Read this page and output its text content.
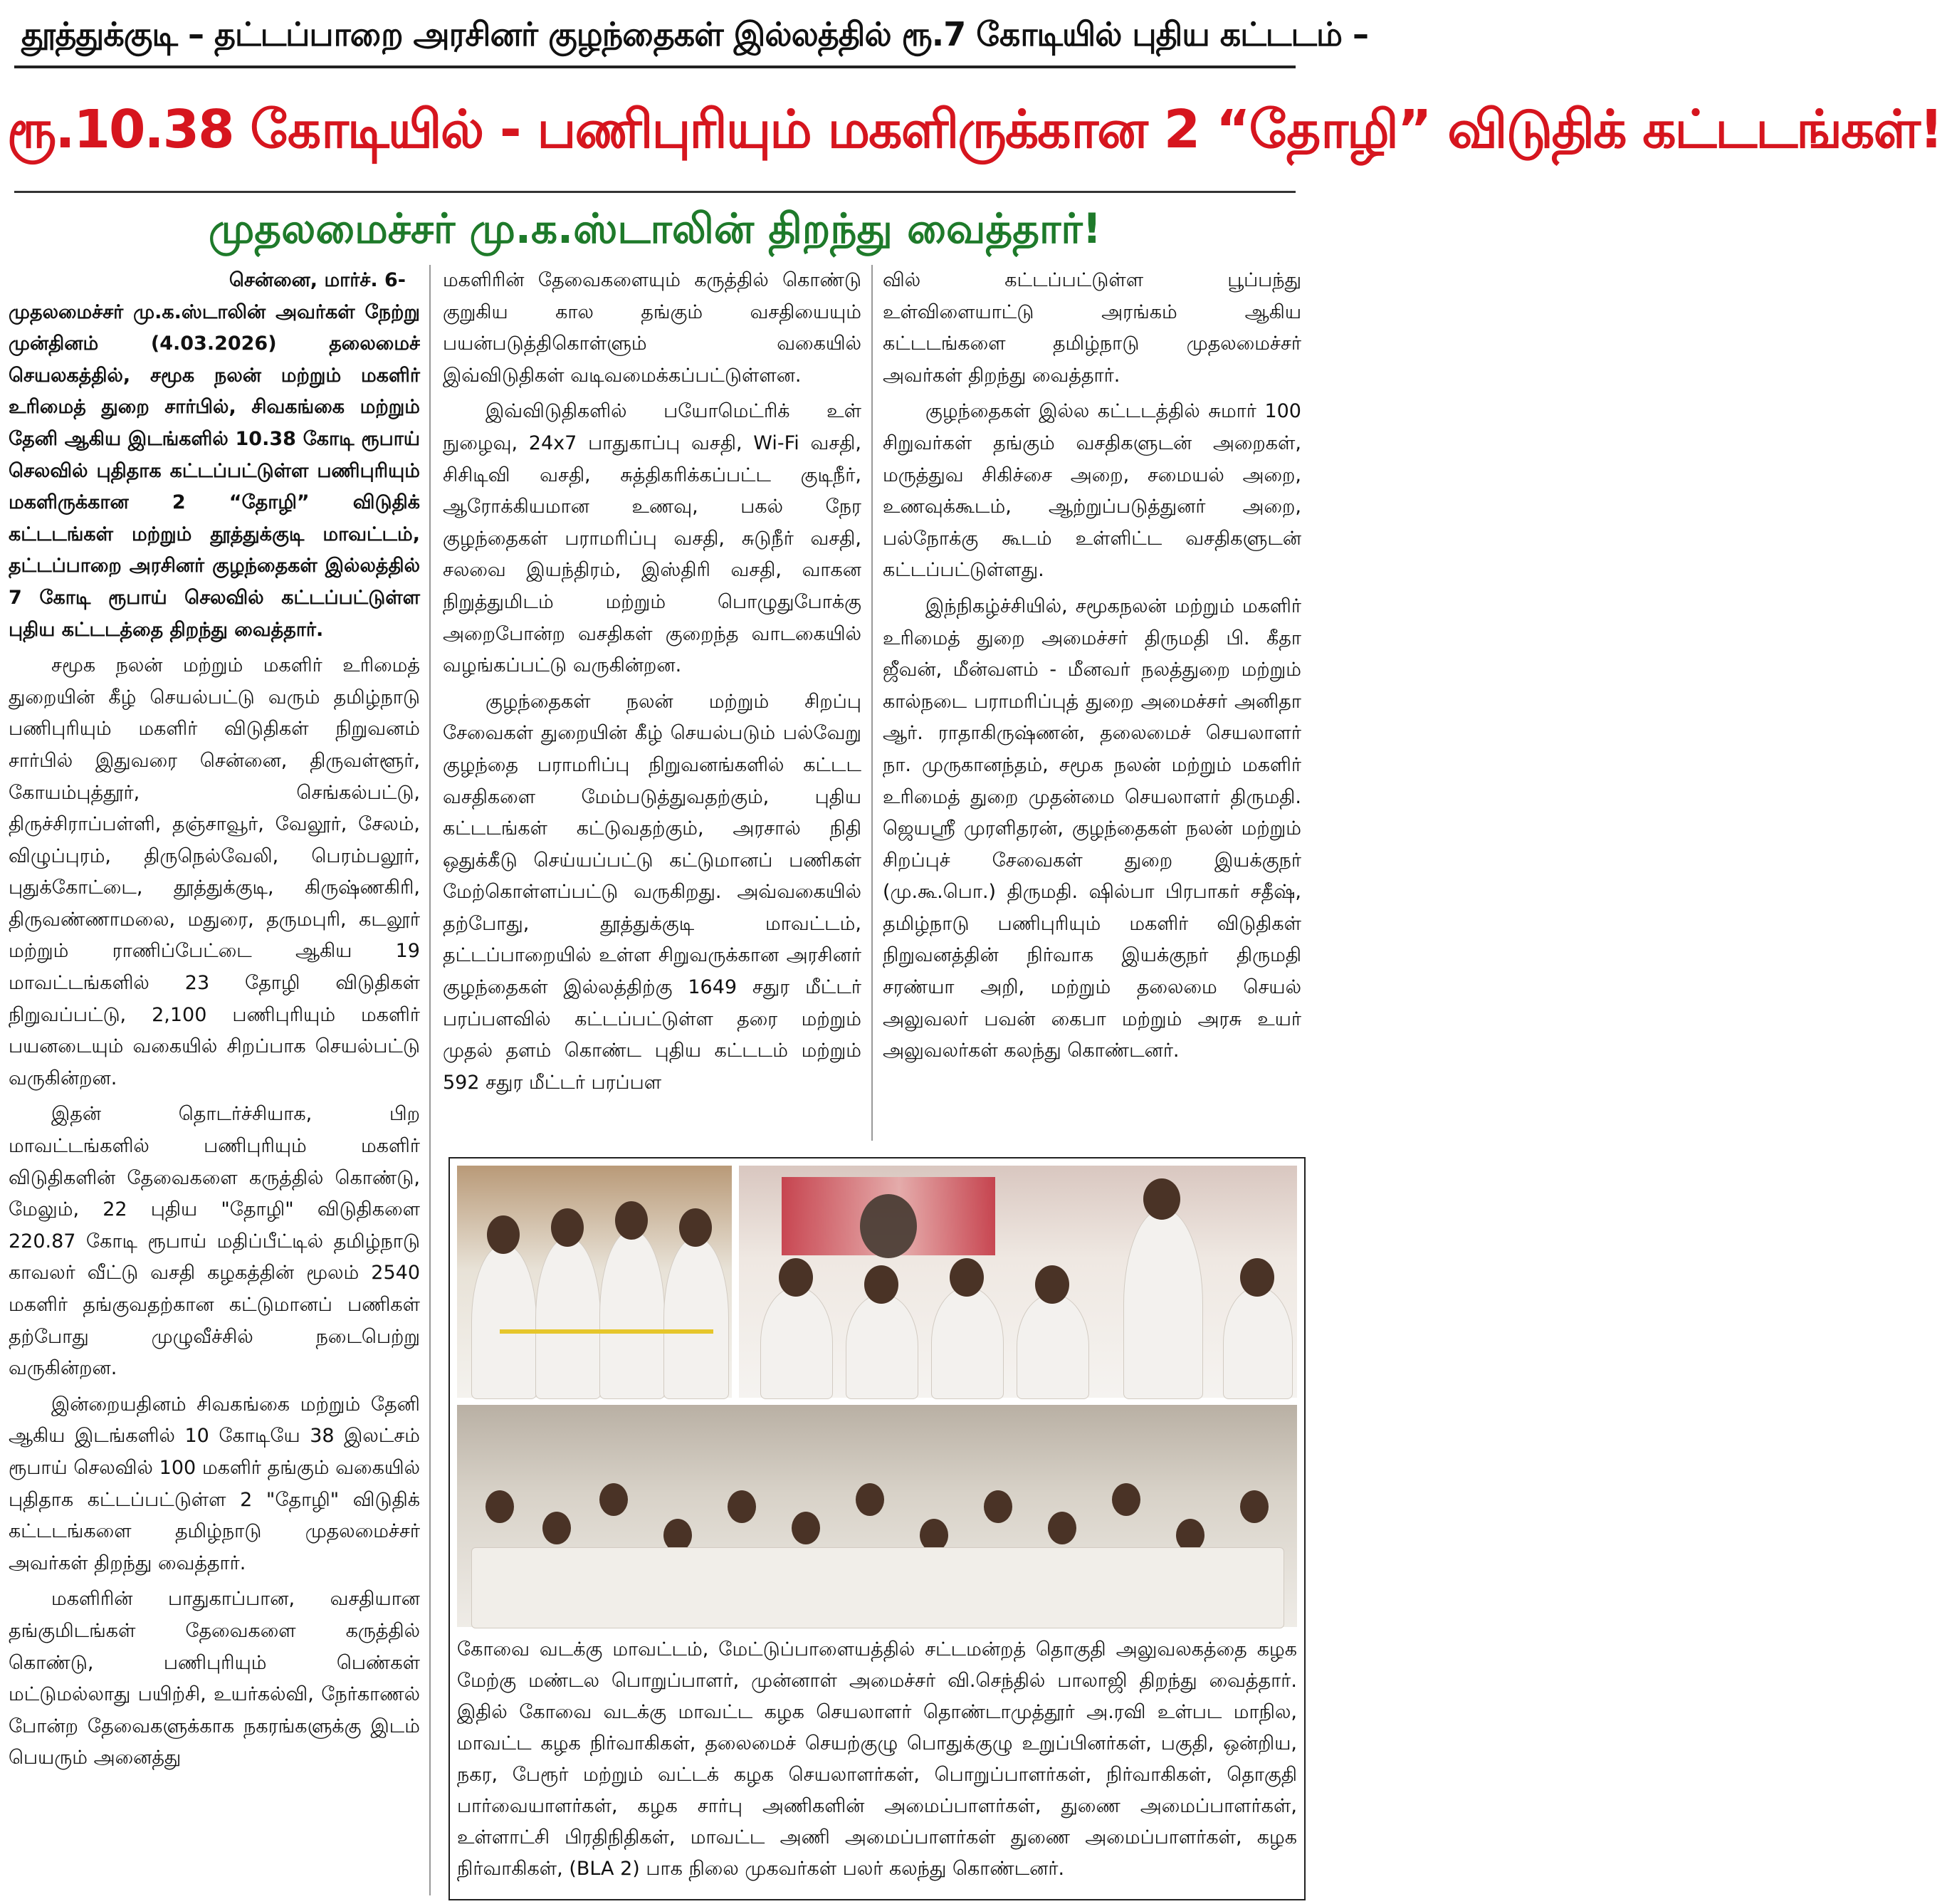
தூத்துக்குடி – தட்டப்பாறை அரசினர் குழந்தைகள் இல்லத்தில் ரூ.7 கோடியில் புதிய கட்டடம் –
ரூ.10.38 கோடியில் - பணிபுரியும் மகளிருக்கான 2 “தோழி” விடுதிக் கட்டடங்கள்!
முதலமைச்சர் மு.க.ஸ்டாலின் திறந்து வைத்தார்!
சென்னை, மார்ச். 6-

முதலமைச்சர் மு.க.ஸ்டாலின் அவர்கள் நேற்று முன்தினம் (4.03.2026) தலைமைச் செயலகத்தில், சமூக நலன் மற்றும் மகளிர் உரிமைத் துறை சார்பில், சிவகங்கை மற்றும் தேனி ஆகிய இடங்களில் 10.38 கோடி ரூபாய் செலவில் புதிதாக கட்டப்பட்டுள்ள பணிபுரியும் மகளிருக்கான 2 “தோழி” விடுதிக் கட்டடங்கள் மற்றும் தூத்துக்குடி மாவட்டம், தட்டப்பாறை அரசினர் குழந்தைகள் இல்லத்தில் 7 கோடி ரூபாய் செலவில் கட்டப்பட்டுள்ள புதிய கட்டடத்தை திறந்து வைத்தார்.

சமூக நலன் மற்றும் மகளிர் உரிமைத் துறையின் கீழ் செயல்பட்டு வரும் தமிழ்நாடு பணிபுரியும் மகளிர் விடுதிகள் நிறுவனம் சார்பில் இதுவரை சென்னை, திருவள்ளூர், கோயம்புத்தூர், செங்கல்பட்டு, திருச்சிராப்பள்ளி, தஞ்சாவூர், வேலூர், சேலம், விழுப்புரம், திருநெல்வேலி, பெரம்பலூர், புதுக்கோட்டை, தூத்துக்குடி, கிருஷ்ணகிரி, திருவண்ணாமலை, மதுரை, தருமபுரி, கடலூர் மற்றும் ராணிப்பேட்டை ஆகிய 19 மாவட்டங்களில் 23 தோழி விடுதிகள் நிறுவப்பட்டு, 2,100 பணிபுரியும் மகளிர் பயனடையும் வகையில் சிறப்பாக செயல்பட்டு வருகின்றன.

இதன் தொடர்ச்சியாக, பிற மாவட்டங்களில் பணிபுரியும் மகளிர் விடுதிகளின் தேவைகளை கருத்தில் கொண்டு, மேலும், 22 புதிய "தோழி" விடுதிகளை 220.87 கோடி ரூபாய் மதிப்பீட்டில் தமிழ்நாடு காவலர் வீட்டு வசதி கழகத்தின் மூலம் 2540 மகளிர் தங்குவதற்கான கட்டுமானப் பணிகள் தற்போது முழுவீச்சில் நடைபெற்று வருகின்றன.

இன்றையதினம் சிவகங்கை மற்றும் தேனி ஆகிய இடங்களில் 10 கோடியே 38 இலட்சம் ரூபாய் செலவில் 100 மகளிர் தங்கும் வகையில் புதிதாக கட்டப்பட்டுள்ள 2 "தோழி" விடுதிக் கட்டடங்களை தமிழ்நாடு முதலமைச்சர் அவர்கள் திறந்து வைத்தார்.

மகளிரின் பாதுகாப்பான, வசதியான தங்குமிடங்கள் தேவைகளை கருத்தில் கொண்டு, பணிபுரியும் பெண்கள் மட்டுமல்லாது பயிற்சி, உயர்கல்வி, நேர்காணல் போன்ற தேவைகளுக்காக நகரங்களுக்கு இடம் பெயரும் அனைத்து

மகளிரின் தேவைகளையும் கருத்தில் கொண்டு குறுகிய கால தங்கும் வசதியையும் பயன்படுத்திகொள்ளும் வகையில் இவ்விடுதிகள் வடிவமைக்கப்பட்டுள்ளன.

இவ்விடுதிகளில் பயோமெட்ரிக் உள் நுழைவு, 24x7 பாதுகாப்பு வசதி, Wi-Fi வசதி, சிசிடிவி வசதி, சுத்திகரிக்கப்பட்ட குடிநீர், ஆரோக்கியமான உணவு, பகல் நேர குழந்தைகள் பராமரிப்பு வசதி, சுடுநீர் வசதி, சலவை இயந்திரம், இஸ்திரி வசதி, வாகன நிறுத்துமிடம் மற்றும் பொழுதுபோக்கு அறைபோன்ற வசதிகள் குறைந்த வாடகையில் வழங்கப்பட்டு வருகின்றன.

குழந்தைகள் நலன் மற்றும் சிறப்பு சேவைகள் துறையின் கீழ் செயல்படும் பல்வேறு குழந்தை பராமரிப்பு நிறுவனங்களில் கட்டட வசதிகளை மேம்படுத்துவதற்கும், புதிய கட்டடங்கள் கட்டுவதற்கும், அரசால் நிதி ஒதுக்கீடு செய்யப்பட்டு கட்டுமானப் பணிகள் மேற்கொள்ளப்பட்டு வருகிறது. அவ்வகையில் தற்போது, தூத்துக்குடி மாவட்டம், தட்டப்பாறையில் உள்ள சிறுவருக்கான அரசினர் குழந்தைகள் இல்லத்திற்கு 1649 சதுர மீட்டர் பரப்பளவில் கட்டப்பட்டுள்ள தரை மற்றும் முதல் தளம் கொண்ட புதிய கட்டடம் மற்றும் 592 சதுர மீட்டர் பரப்பள

வில் கட்டப்பட்டுள்ள பூப்பந்து உள்விளையாட்டு அரங்கம் ஆகிய கட்டடங்களை தமிழ்நாடு முதலமைச்சர் அவர்கள் திறந்து வைத்தார்.

குழந்தைகள் இல்ல கட்டடத்தில் சுமார் 100 சிறுவர்கள் தங்கும் வசதிகளுடன் அறைகள், மருத்துவ சிகிச்சை அறை, சமையல் அறை, உணவுக்கூடம், ஆற்றுப்படுத்துனர் அறை, பல்நோக்கு கூடம் உள்ளிட்ட வசதிகளுடன் கட்டப்பட்டுள்ளது.

இந்நிகழ்ச்சியில், சமூகநலன் மற்றும் மகளிர் உரிமைத் துறை அமைச்சர் திருமதி பி. கீதா ஜீவன், மீன்வளம் - மீனவர் நலத்துறை மற்றும் கால்நடை பராமரிப்புத் துறை அமைச்சர் அனிதா ஆர். ராதாகிருஷ்ணன், தலைமைச் செயலாளர் நா. முருகானந்தம், சமூக நலன் மற்றும் மகளிர் உரிமைத் துறை முதன்மை செயலாளர் திருமதி. ஜெயஸ்ரீ முரளிதரன், குழந்தைகள் நலன் மற்றும் சிறப்புச் சேவைகள் துறை இயக்குநர் (மு.கூ.பொ.) திருமதி. ஷில்பா பிரபாகர் சதீஷ், தமிழ்நாடு பணிபுரியும் மகளிர் விடுதிகள் நிறுவனத்தின் நிர்வாக இயக்குநர் திருமதி சரண்யா அறி, மற்றும் தலைமை செயல் அலுவலர் பவன் கைபா மற்றும் அரசு உயர் அலுவலர்கள் கலந்து கொண்டனர்.

கோவை வடக்கு மாவட்டம், மேட்டுப்பாளையத்தில் சட்டமன்றத் தொகுதி அலுவலகத்தை கழக மேற்கு மண்டல பொறுப்பாளர், முன்னாள் அமைச்சர் வி.செந்தில் பாலாஜி திறந்து வைத்தார். இதில் கோவை வடக்கு மாவட்ட கழக செயலாளர் தொண்டாமுத்தூர் அ.ரவி உள்பட மாநில, மாவட்ட கழக நிர்வாகிகள், தலைமைச் செயற்குழு பொதுக்குழு உறுப்பினர்கள், பகுதி, ஒன்றிய, நகர, பேரூர் மற்றும் வட்டக் கழக செயலாளர்கள், பொறுப்பாளர்கள், நிர்வாகிகள், தொகுதி பார்வையாளர்கள், கழக சார்பு அணிகளின் அமைப்பாளர்கள், துணை அமைப்பாளர்கள், உள்ளாட்சி பிரதிநிதிகள், மாவட்ட அணி அமைப்பாளர்கள் துணை அமைப்பாளர்கள், கழக நிர்வாகிகள், (BLA 2) பாக நிலை முகவர்கள் பலர் கலந்து கொண்டனர்.
